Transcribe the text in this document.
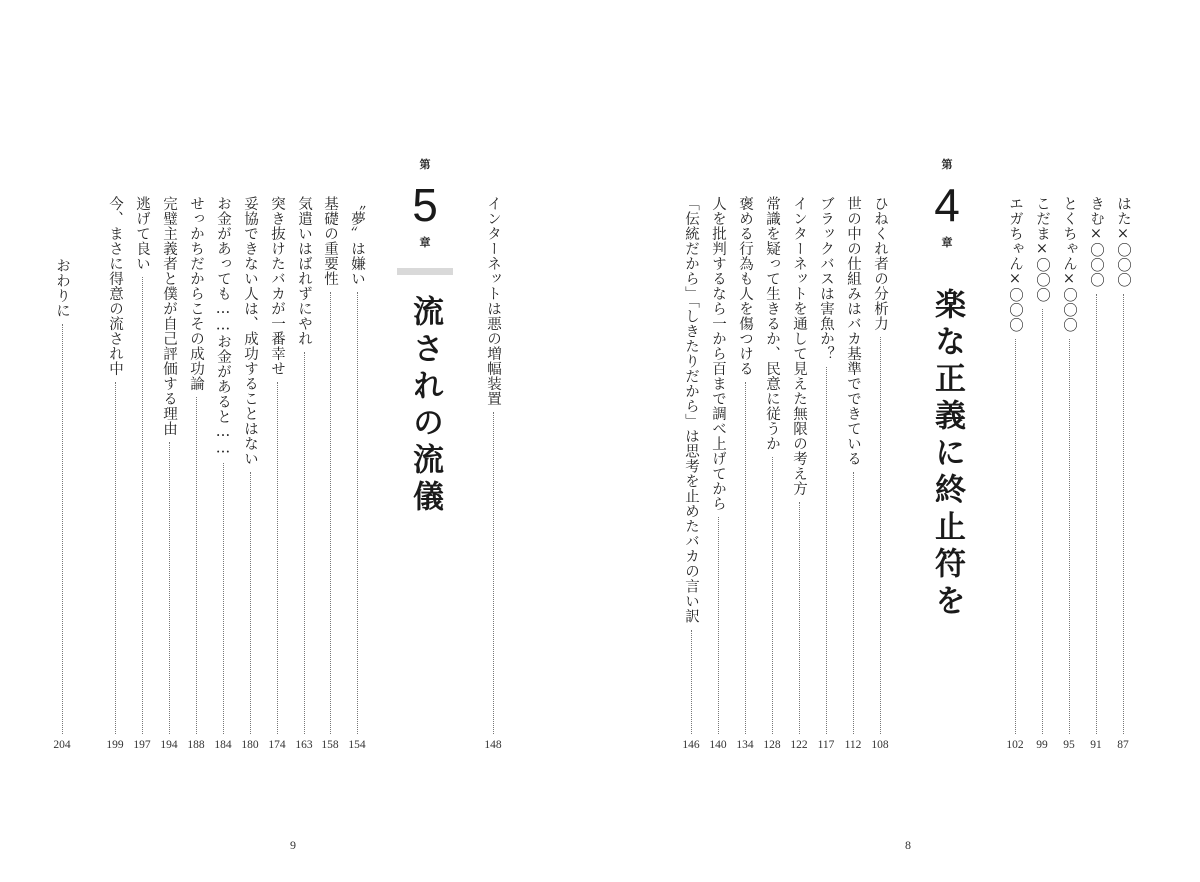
第
5
章
流されの流儀	インターネットは悪の増幅装置
148
〝夢〟は嫌い
154
基礎の重要性
158
気遣いはばれずにやれ
163
突き抜けたバカが一番幸せ
174
妥協できない人は、成功することはない
180
お金があっても……お金があると……
184
せっかちだからこその成功論
188
完璧主義者と僕が自己評価する理由
194
逃げて良い
197
今、まさに得意の流され中
199
おわりに
204
9
第
4
章
楽な正義に終止符を
はた×〇〇〇
87
きむ×〇〇〇
91
とくちゃん×〇〇〇
95
こだま×〇〇〇
99
エガちゃん×〇〇〇
102
ひねくれ者の分析力
108
世の中の仕組みはバカ基準でできている
112
ブラックバスは害魚か？
117
インターネットを通して見えた無限の考え方
122
常識を疑って生きるか、民意に従うか
128
褒める行為も人を傷つける
134
人を批判するなら一から百まで調べ上げてから
140
「伝統だから」「しきたりだから」は思考を止めたバカの言い訳
146
8
